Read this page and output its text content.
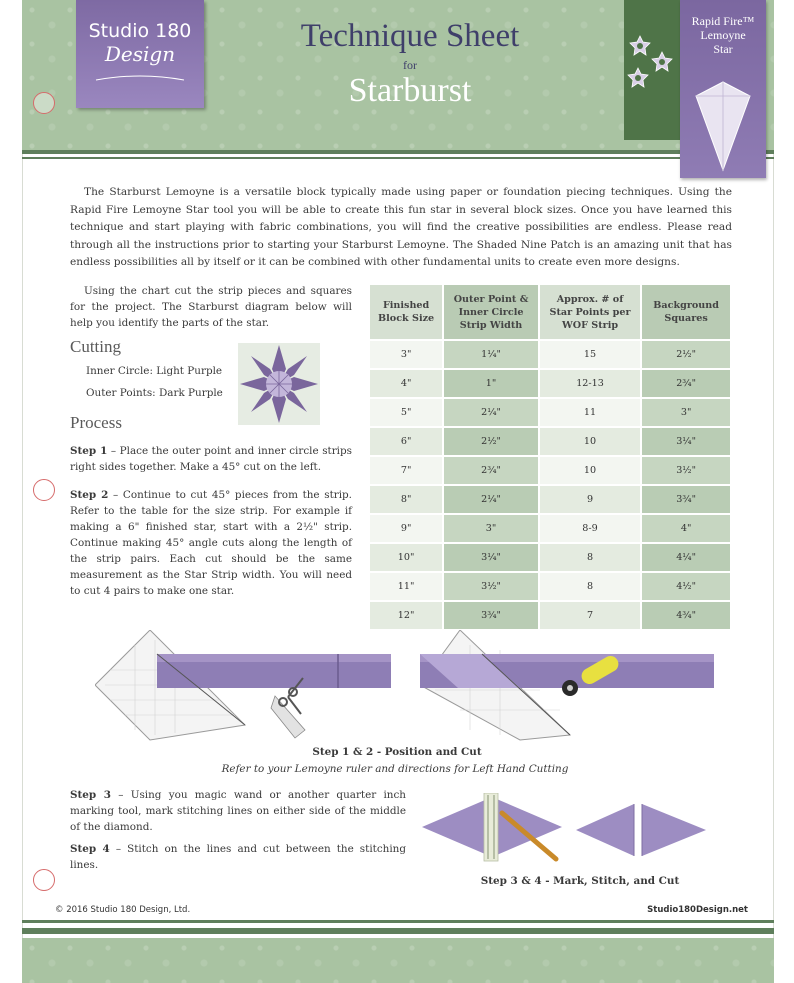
Studio 180
Design	Technique Sheet
for
Starburst
Rapid Fire™
Lemoyne
Star
The Starburst Lemoyne is a versatile block typically made using paper or foundation piecing techniques. Using the Rapid Fire Lemoyne Star tool you will be able to create this fun star in several block sizes. Once you have learned this technique and start playing with fabric combinations, you will find the creative possibilities are endless. Please read through all the instructions prior to starting your Starburst Lemoyne. The Shaded Nine Patch is an amazing unit that has endless possibilities all by itself or it can be combined with other fundamental units to create even more designs.
Using the chart cut the strip pieces and squares for the project. The Starburst diagram below will help you identify the parts of the star.
Cutting
Inner Circle: Light Purple
Outer Points: Dark Purple
Process
Step 1 – Place the outer point and inner circle strips right sides together. Make a 45° cut on the left.
Step 2 – Continue to cut 45° pieces from the strip. Refer to the table for the size strip. For example if making a 6" finished star, start with a 2½" strip. Continue making 45° angle cuts along the length of the strip pairs. Each cut should be the same measurement as the Star Strip width. You will need to cut 4 pairs to make one star.
Finished Block Size	Outer Point & Inner Circle Strip Width	Approx. # of Star Points per WOF Strip	Background Squares
3"	1¼"	15	2½"
4"	1"	12-13	2¾"
5"	2¼"	11	3"
6"	2½"	10	3¼"
7"	2¾"	10	3½"
8"	2¼"	9	3¾"
9"	3"	8-9	4"
10"	3¼"	8	4¼"
11"	3½"	8	4½"
12"	3¾"	7	4¾"
Step 1 & 2 - Position and Cut
Refer to your Lemoyne ruler and directions for Left Hand Cutting
Step 3 – Using you magic wand or another quarter inch marking tool, mark stitching lines on either side of the middle of the diamond.
Step 4 – Stitch on the lines and cut between the stitching lines.
Step 3 & 4 - Mark, Stitch, and Cut
© 2016 Studio 180 Design, Ltd.	Studio180Design.net
